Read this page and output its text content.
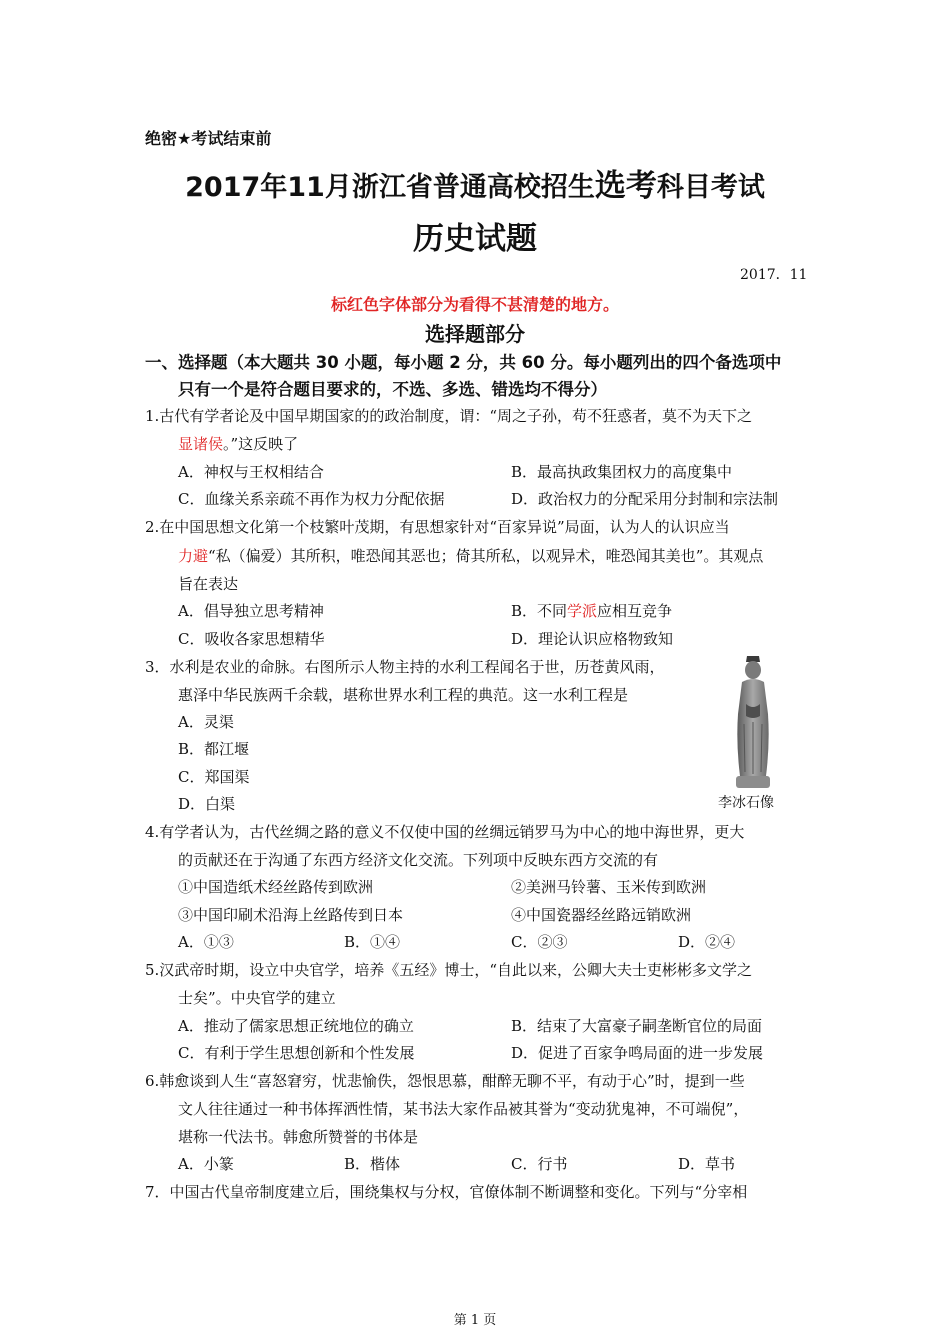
绝密★考试结束前
2017年11月浙江省普通高校招生选考科目考试
历史试题
2017．11
标红色字体部分为看得不甚清楚的地方。
选择题部分
一、选择题（本大题共 30 小题，每小题 2 分，共 60 分。每小题列出的四个备选项中
只有一个是符合题目要求的，不选、多选、错选均不得分）
1.古代有学者论及中国早期国家的的政治制度，谓：“周之子孙，苟不狂惑者，莫不为天下之
显诸侯。”这反映了
A．神权与王权相结合	B．最高执政集团权力的高度集中
C．血缘关系亲疏不再作为权力分配依据	D．政治权力的分配采用分封制和宗法制
2.在中国思想文化第一个枝繁叶茂期，有思想家针对“百家异说”局面，认为人的认识应当
力避“私（偏爱）其所积，唯恐闻其恶也；倚其所私，以观异术，唯恐闻其美也”。其观点
旨在表达
A．倡导独立思考精神	B．不同学派应相互竞争
C．吸收各家思想精华	D．理论认识应格物致知
3．水利是农业的命脉。右图所示人物主持的水利工程闻名于世，历苍黄风雨，
惠泽中华民族两千余载，堪称世界水利工程的典范。这一水利工程是
A．灵渠
B．都江堰
C．郑国渠
D．白渠	李冰石像
4.有学者认为，古代丝绸之路的意义不仅使中国的丝绸远销罗马为中心的地中海世界，更大
的贡献还在于沟通了东西方经济文化交流。下列项中反映东西方交流的有
①中国造纸术经丝路传到欧洲	②美洲马铃薯、玉米传到欧洲
③中国印刷术沿海上丝路传到日本	④中国瓷器经丝路远销欧洲
A．①③	B．①④	C．②③	D．②④
5.汉武帝时期，设立中央官学，培养《五经》博士，“自此以来，公卿大夫士吏彬彬多文学之
士矣”。中央官学的建立
A．推动了儒家思想正统地位的确立	B．结束了大富豪子嗣垄断官位的局面
C．有利于学生思想创新和个性发展	D．促进了百家争鸣局面的进一步发展
6.韩愈谈到人生“喜怒窘穷，忧悲愉佚，怨恨思慕，酣醉无聊不平，有动于心”时，提到一些
文人往往通过一种书体挥洒性情，某书法大家作品被其誉为“变动犹鬼神，不可端倪”，
堪称一代法书。韩愈所赞誉的书体是
A．小篆	B．楷体	C．行书	D．草书
7．中国古代皇帝制度建立后，围绕集权与分权，官僚体制不断调整和变化。下列与“分宰相
第 1 页
